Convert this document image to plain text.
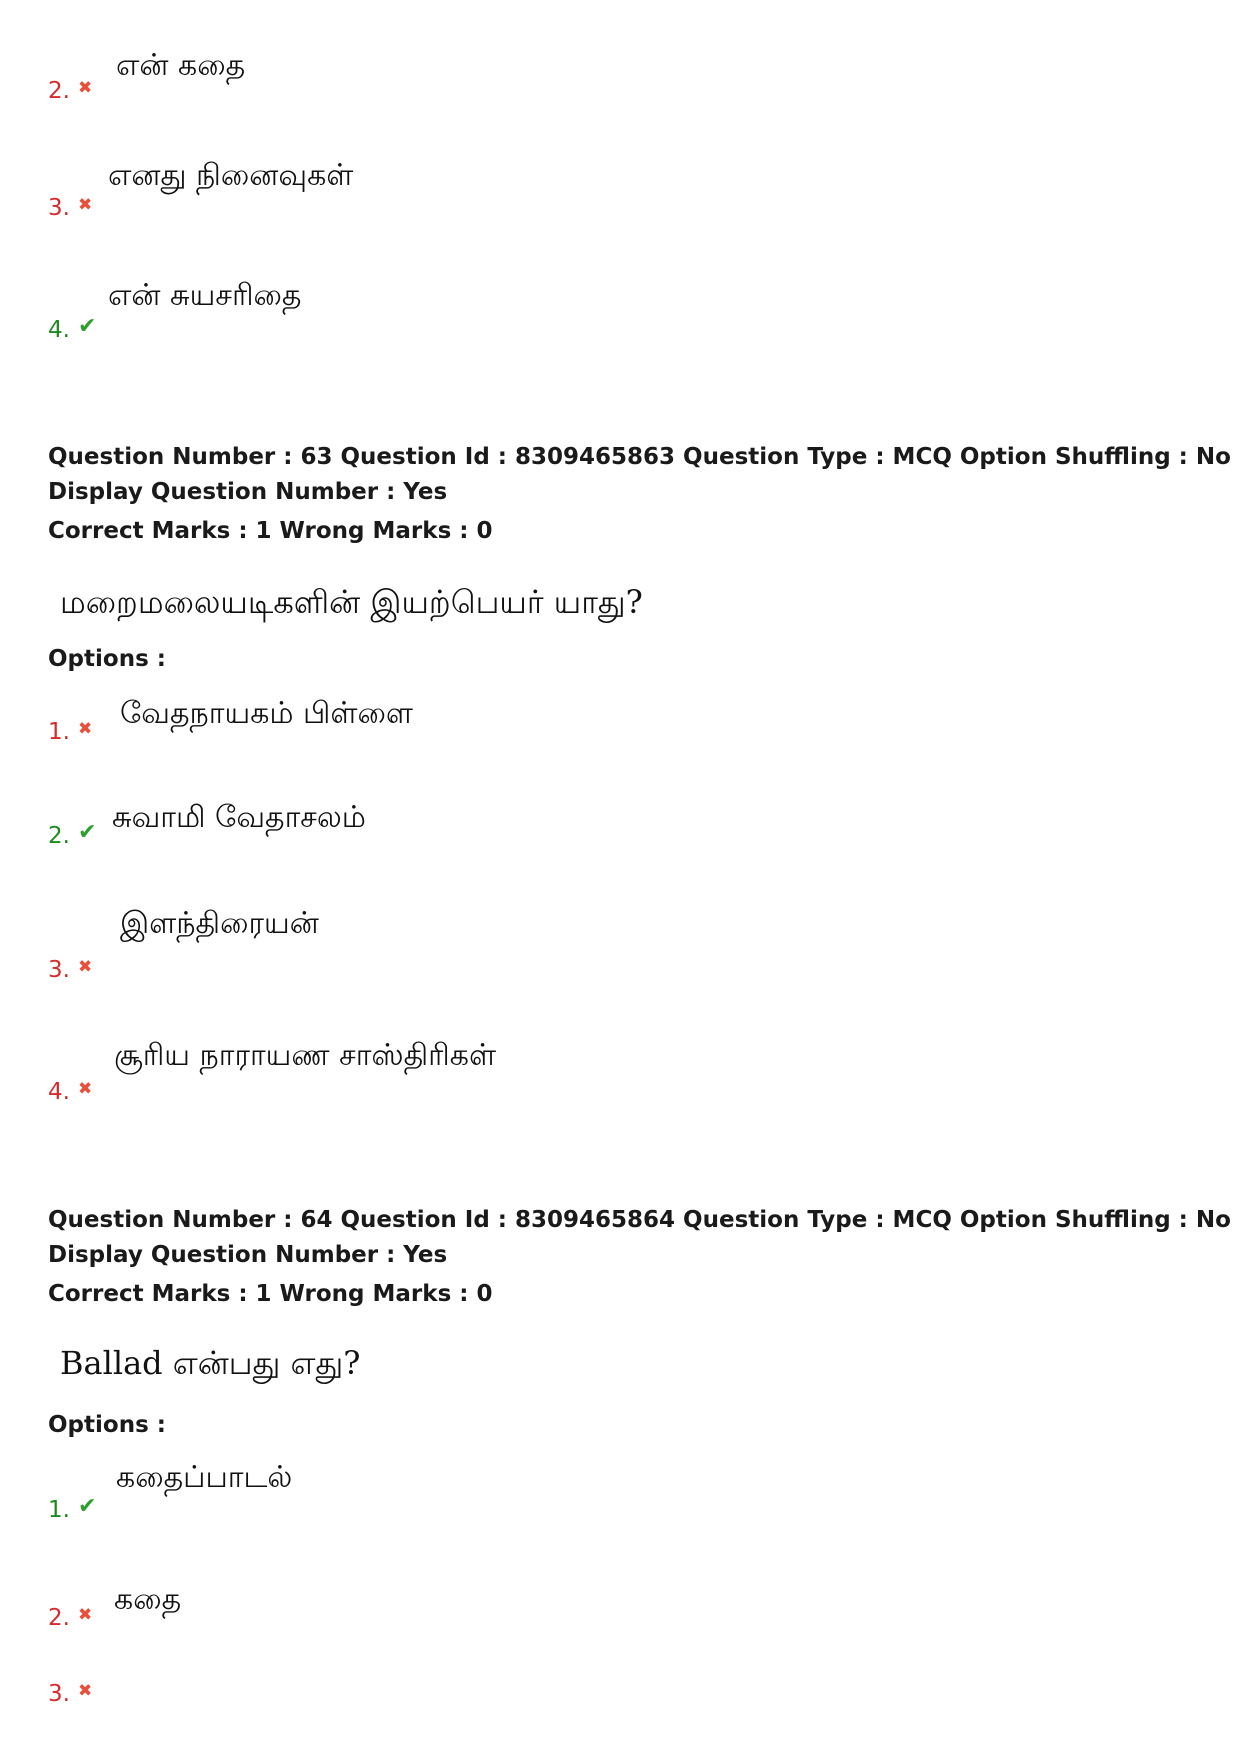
என் கதை
2. ✖
எனது நினைவுகள்
3. ✖
என் சுயசரிதை
4. ✔
Question Number : 63 Question Id : 8309465863 Question Type : MCQ Option Shuffling : No
Display Question Number : Yes
Correct Marks : 1 Wrong Marks : 0
மறைமலையடிகளின் இயற்பெயர் யாது?
Options :
வேதநாயகம் பிள்ளை
1. ✖
சுவாமி வேதாசலம்
2. ✔
இளந்திரையன்
3. ✖
சூரிய நாராயண சாஸ்திரிகள்
4. ✖
Question Number : 64 Question Id : 8309465864 Question Type : MCQ Option Shuffling : No
Display Question Number : Yes
Correct Marks : 1 Wrong Marks : 0
Ballad என்பது எது?
Options :
கதைப்பாடல்
1. ✔
கதை
2. ✖
3. ✖
